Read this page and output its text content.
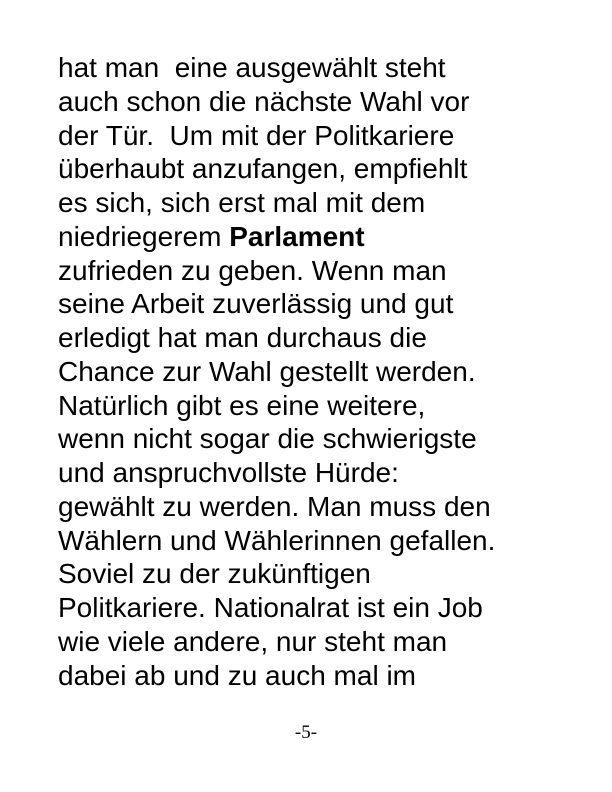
hat man  eine ausgewählt steht
auch schon die nächste Wahl vor
der Tür.  Um mit der Politkariere
überhaubt anzufangen, empfiehlt
es sich, sich erst mal mit dem
niedriegerem Parlament
zufrieden zu geben. Wenn man
seine Arbeit zuverlässig und gut
erledigt hat man durchaus die
Chance zur Wahl gestellt werden.
Natürlich gibt es eine weitere,
wenn nicht sogar die schwierigste
und anspruchvollste Hürde:
gewählt zu werden. Man muss den
Wählern und Wählerinnen gefallen.
Soviel zu der zukünftigen
Politkariere. Nationalrat ist ein Job
wie viele andere, nur steht man
dabei ab und zu auch mal im
-5-
